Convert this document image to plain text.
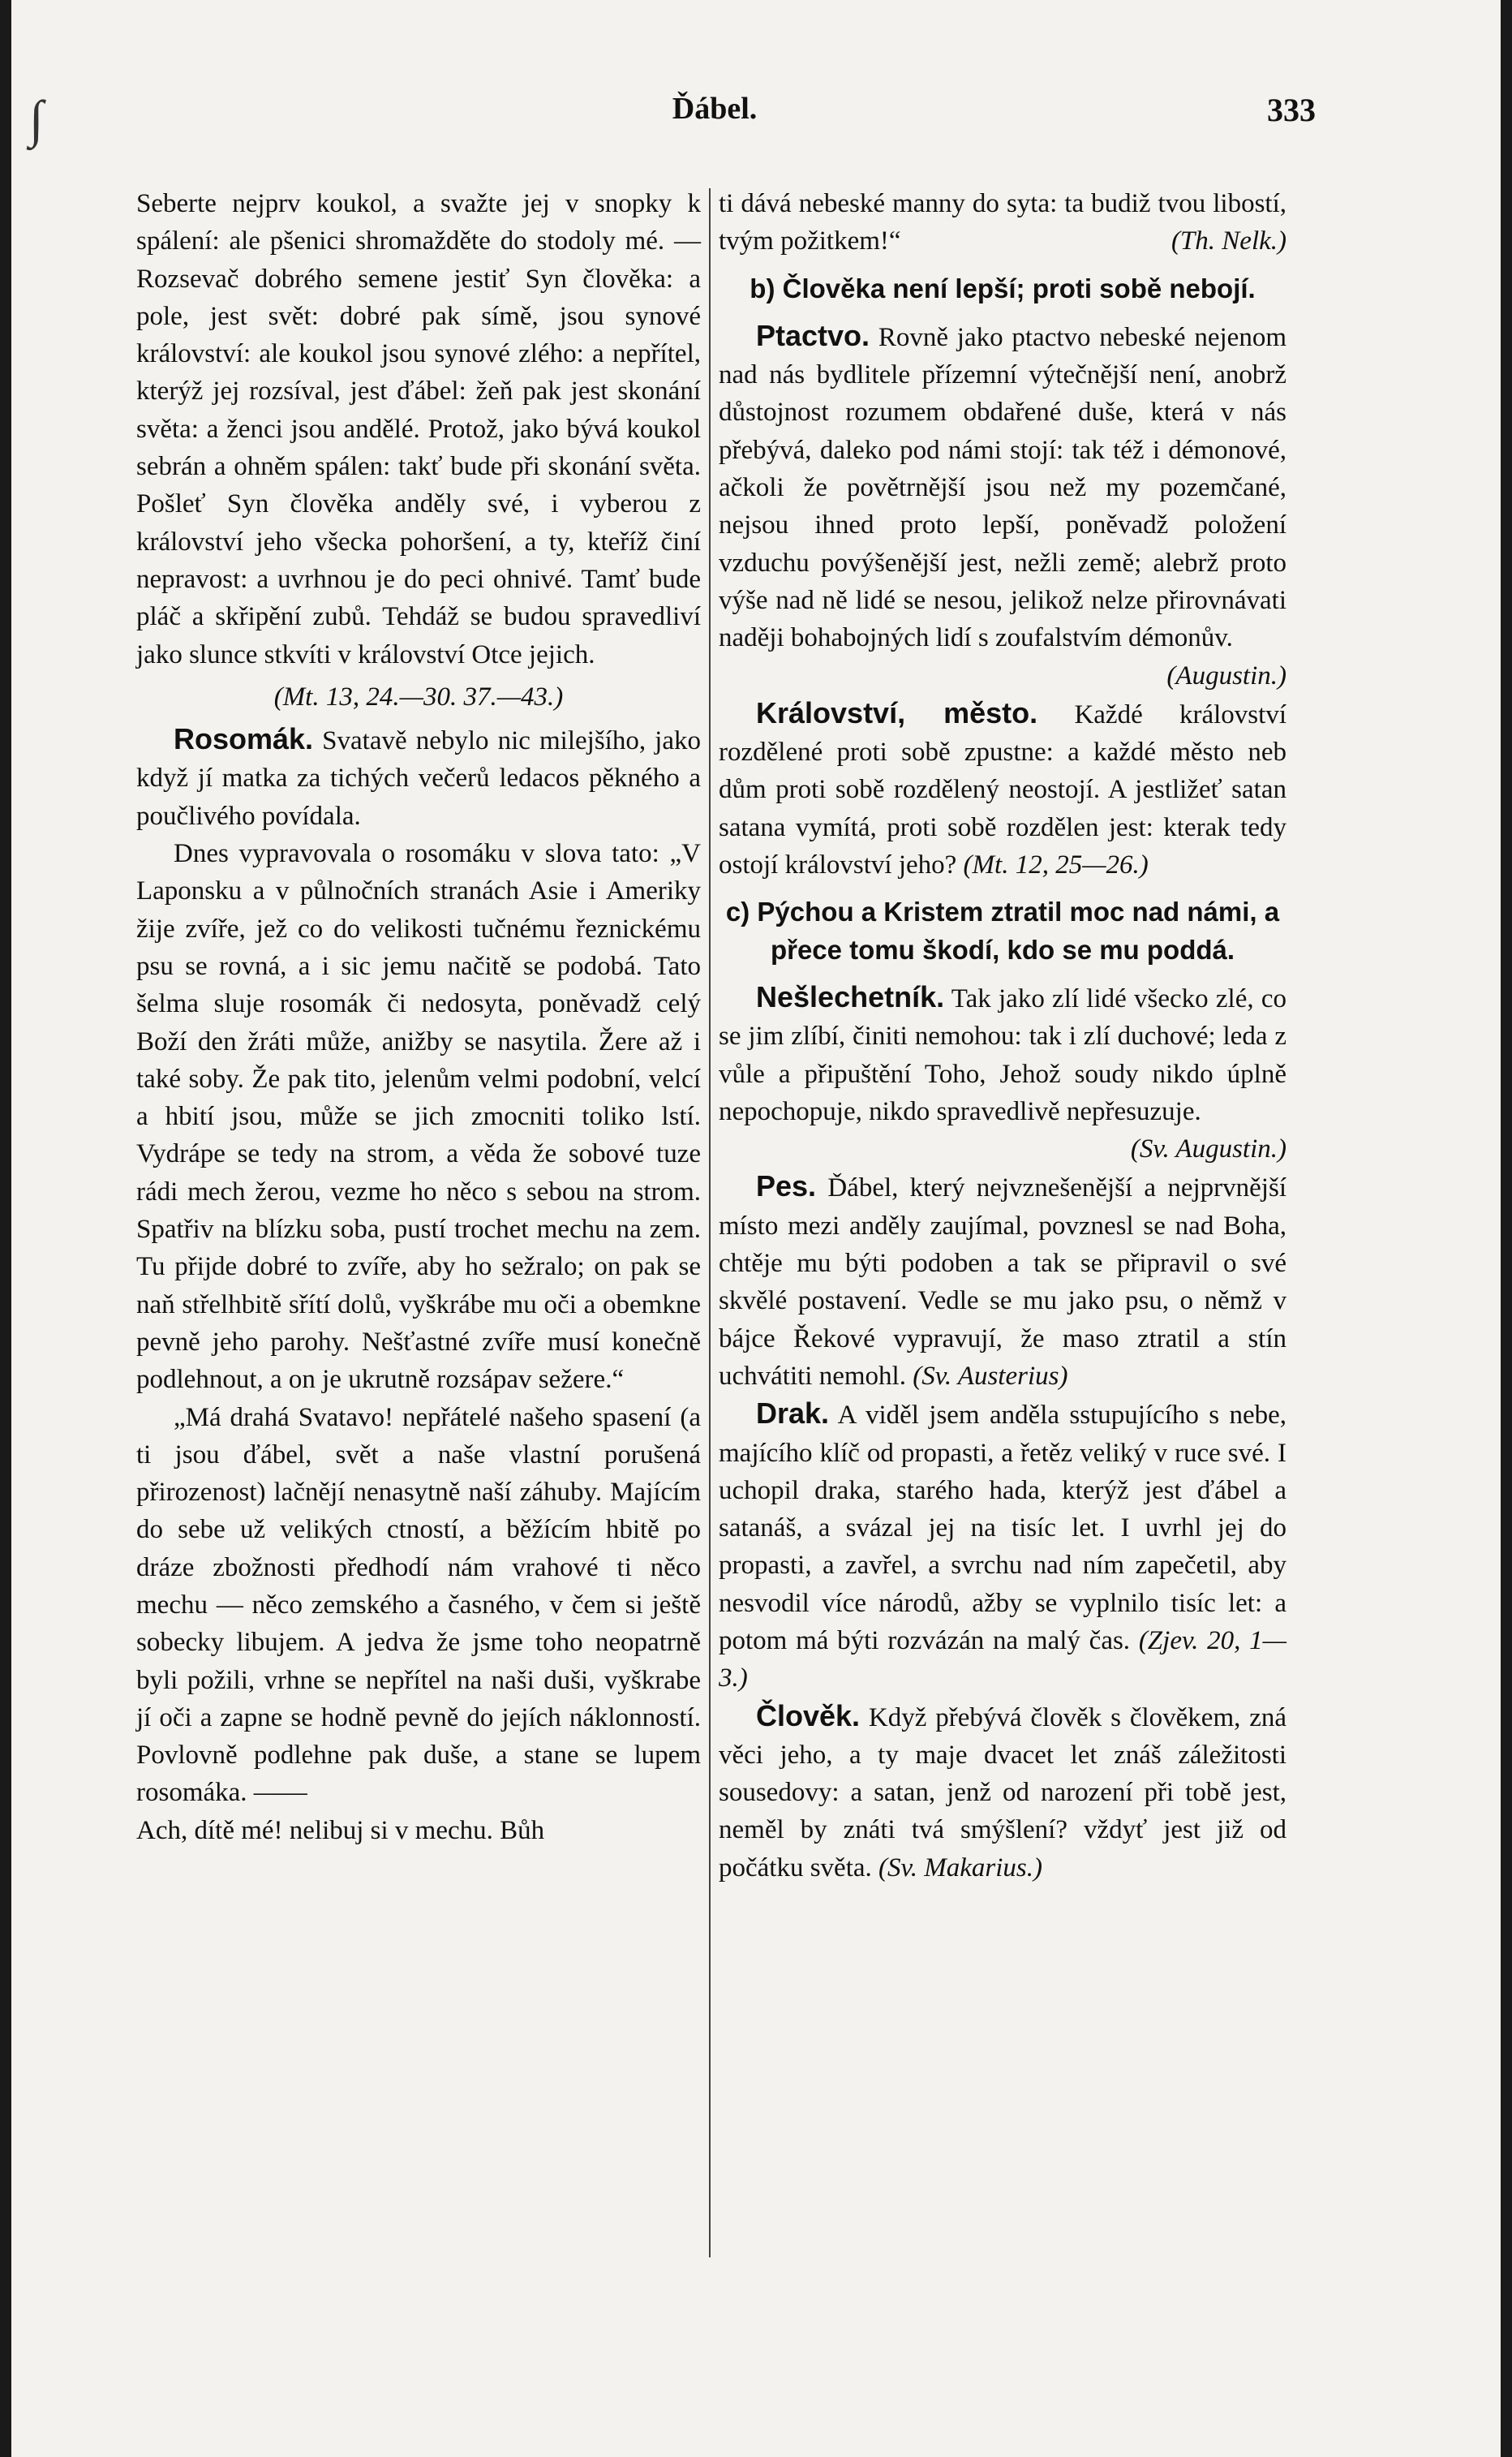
∫	Ďábel.	333

Seberte nejprv koukol, a svažte jej v snopky k spálení: ale pšenici shromažděte do stodoly mé. — Rozsevač dobrého semene jestiť Syn člověka: a pole, jest svět: dobré pak símě, jsou synové království: ale koukol jsou synové zlého: a nepřítel, kterýž jej rozsíval, jest ďábel: žeň pak jest skonání světa: a ženci jsou andělé. Protož, jako bývá koukol sebrán a ohněm spálen: takť bude při skonání světa. Pošleť Syn člověka anděly své, i vyberou z království jeho všecka pohoršení, a ty, kteříž činí nepravost: a uvrhnou je do peci ohnivé. Tamť bude pláč a skřipění zubů. Tehdáž se budou spravedliví jako slunce stkvíti v království Otce jejich.

(Mt. 13, 24.—30. 37.—43.)

Rosomák. Svatavě nebylo nic milejšího, jako když jí matka za tichých večerů ledacos pěkného a poučlivého povídala.

Dnes vypravovala o rosomáku v slova tato: „V Laponsku a v půlnočních stranách Asie i Ameriky žije zvíře, jež co do velikosti tučnému řeznickému psu se rovná, a i sic jemu načitě se podobá. Tato šelma sluje rosomák či nedosyta, poněvadž celý Boží den žráti může, anižby se nasytila. Žere až i také soby. Že pak tito, jelenům velmi podobní, velcí a hbití jsou, může se jich zmocniti toliko lstí. Vydrápe se tedy na strom, a věda že sobové tuze rádi mech žerou, vezme ho něco s sebou na strom. Spatřiv na blízku soba, pustí trochet mechu na zem. Tu přijde dobré to zvíře, aby ho sežralo; on pak se naň střelhbitě sřítí dolů, vyškrábe mu oči a obemkne pevně jeho parohy. Nešťastné zvíře musí konečně podlehnout, a on je ukrutně rozsápav sežere.“

„Má drahá Svatavo! nepřátelé našeho spasení (a ti jsou ďábel, svět a naše vlastní porušená přirozenost) lačnějí nenasytně naší záhuby. Majícím do sebe už velikých ctností, a běžícím hbitě po dráze zbožnosti předhodí nám vrahové ti něco mechu — něco zemského a časného, v čem si ještě sobecky libujem. A jedva že jsme toho neopatrně byli požili, vrhne se nepřítel na naši duši, vyškrabe jí oči a zapne se hodně pevně do jejích náklonností. Povlovně podlehne pak duše, a stane se lupem rosomáka. ——

Ach, dítě mé! nelibuj si v mechu. Bůh

ti dává nebeské manny do syta: ta budiž tvou libostí, tvým požitkem!“	(Th. Nelk.)

b) Člověka není lepší; proti sobě nebojí.

Ptactvo. Rovně jako ptactvo nebeské nejenom nad nás bydlitele přízemní výtečnější není, anobrž důstojnost rozumem obdařené duše, která v nás přebývá, daleko pod námi stojí: tak též i démonové, ačkoli že povětrnější jsou než my pozemčané, nejsou ihned proto lepší, poněvadž položení vzduchu povýšenější jest, nežli země; alebrž proto výše nad ně lidé se nesou, jelikož nelze přirovnávati naději bohabojných lidí s zoufalstvím démonův.

(Augustin.)

Království, město. Každé království rozdělené proti sobě zpustne: a každé město neb dům proti sobě rozdělený neostojí. A jestližeť satan satana vymítá, proti sobě rozdělen jest: kterak tedy ostojí království jeho? (Mt. 12, 25—26.)

c) Pýchou a Kristem ztratil moc nad námi, a přece tomu škodí, kdo se mu poddá.

Nešlechetník. Tak jako zlí lidé všecko zlé, co se jim zlíbí, činiti nemohou: tak i zlí duchové; leda z vůle a připuštění Toho, Jehož soudy nikdo úplně nepochopuje, nikdo spravedlivě nepřesuzuje.

(Sv. Augustin.)

Pes. Ďábel, který nejvznešenější a nejprvnější místo mezi anděly zaujímal, povznesl se nad Boha, chtěje mu býti podoben a tak se připravil o své skvělé postavení. Vedle se mu jako psu, o němž v bájce Řekové vypravují, že maso ztratil a stín uchvátiti nemohl. (Sv. Austerius)

Drak. A viděl jsem anděla sstupujícího s nebe, majícího klíč od propasti, a řetěz veliký v ruce své. I uchopil draka, starého hada, kterýž jest ďábel a satanáš, a svázal jej na tisíc let. I uvrhl jej do propasti, a zavřel, a svrchu nad ním zapečetil, aby nesvodil více národů, ažby se vyplnilo tisíc let: a potom má býti rozvázán na malý čas. (Zjev. 20, 1—3.)

Člověk. Když přebývá člověk s člověkem, zná věci jeho, a ty maje dvacet let znáš záležitosti sousedovy: a satan, jenž od narození při tobě jest, neměl by znáti tvá smýšlení? vždyť jest již od počátku světa. (Sv. Makarius.)
